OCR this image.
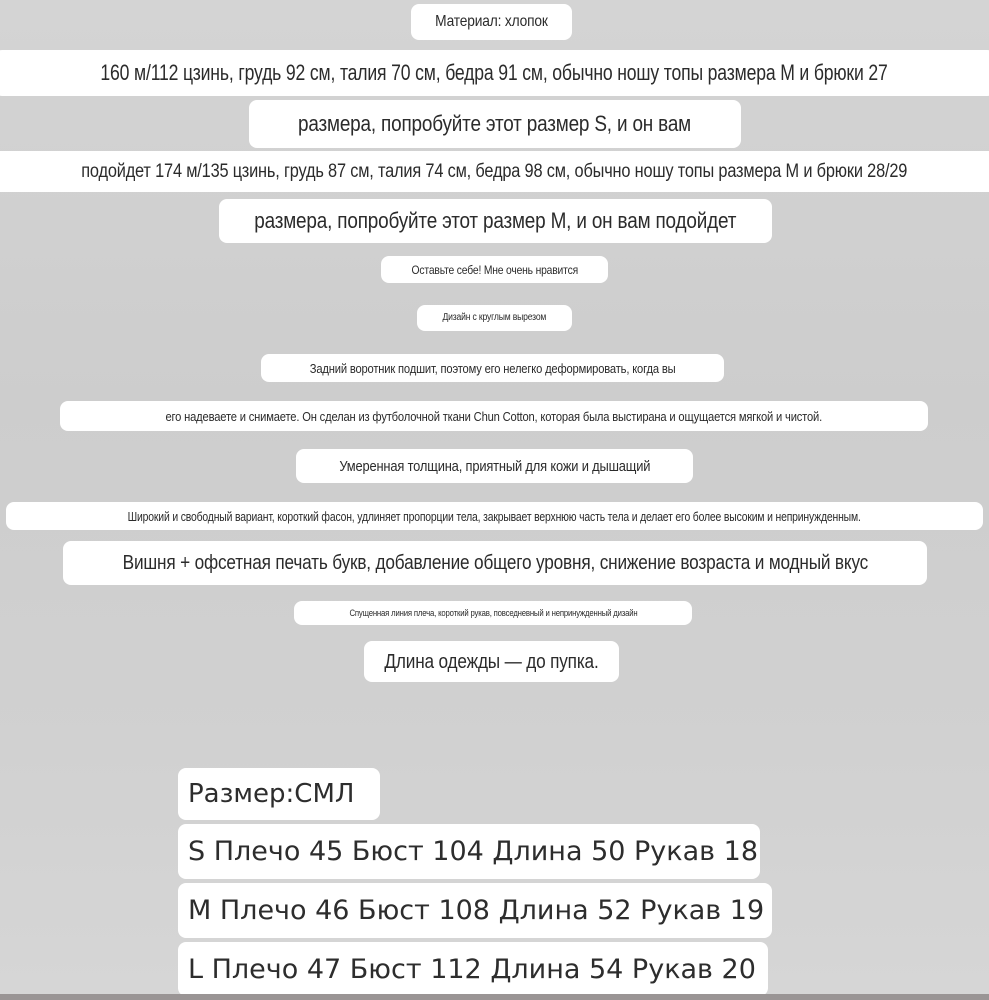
Материал: хлопок
160 м/112 цзинь, грудь 92 см, талия 70 см, бедра 91 см, обычно ношу топы размера М и брюки 27
размера, попробуйте этот размер S, и он вам
подойдет 174 м/135 цзинь, грудь 87 см, талия 74 см, бедра 98 см, обычно ношу топы размера M и брюки 28/29
размера, попробуйте этот размер М, и он вам подойдет
Оставьте себе! Мне очень нравится
Дизайн с круглым вырезом
Задний воротник подшит, поэтому его нелегко деформировать, когда вы
его надеваете и снимаете. Он сделан из футболочной ткани Chun Cotton, которая была выстирана и ощущается мягкой и чистой.
Умеренная толщина, приятный для кожи и дышащий
Широкий и свободный вариант, короткий фасон, удлиняет пропорции тела, закрывает верхнюю часть тела и делает его более высоким и непринужденным.
Вишня + офсетная печать букв, добавление общего уровня, снижение возраста и модный вкус
Спущенная линия плеча, короткий рукав, повседневный и непринужденный дизайн
Длина одежды — до пупка.
Размер:СМЛ
S Плечо 45 Бюст 104 Длина 50 Рукав 18
M Плечо 46 Бюст 108 Длина 52 Рукав 19
L Плечо 47 Бюст 112 Длина 54 Рукав 20
